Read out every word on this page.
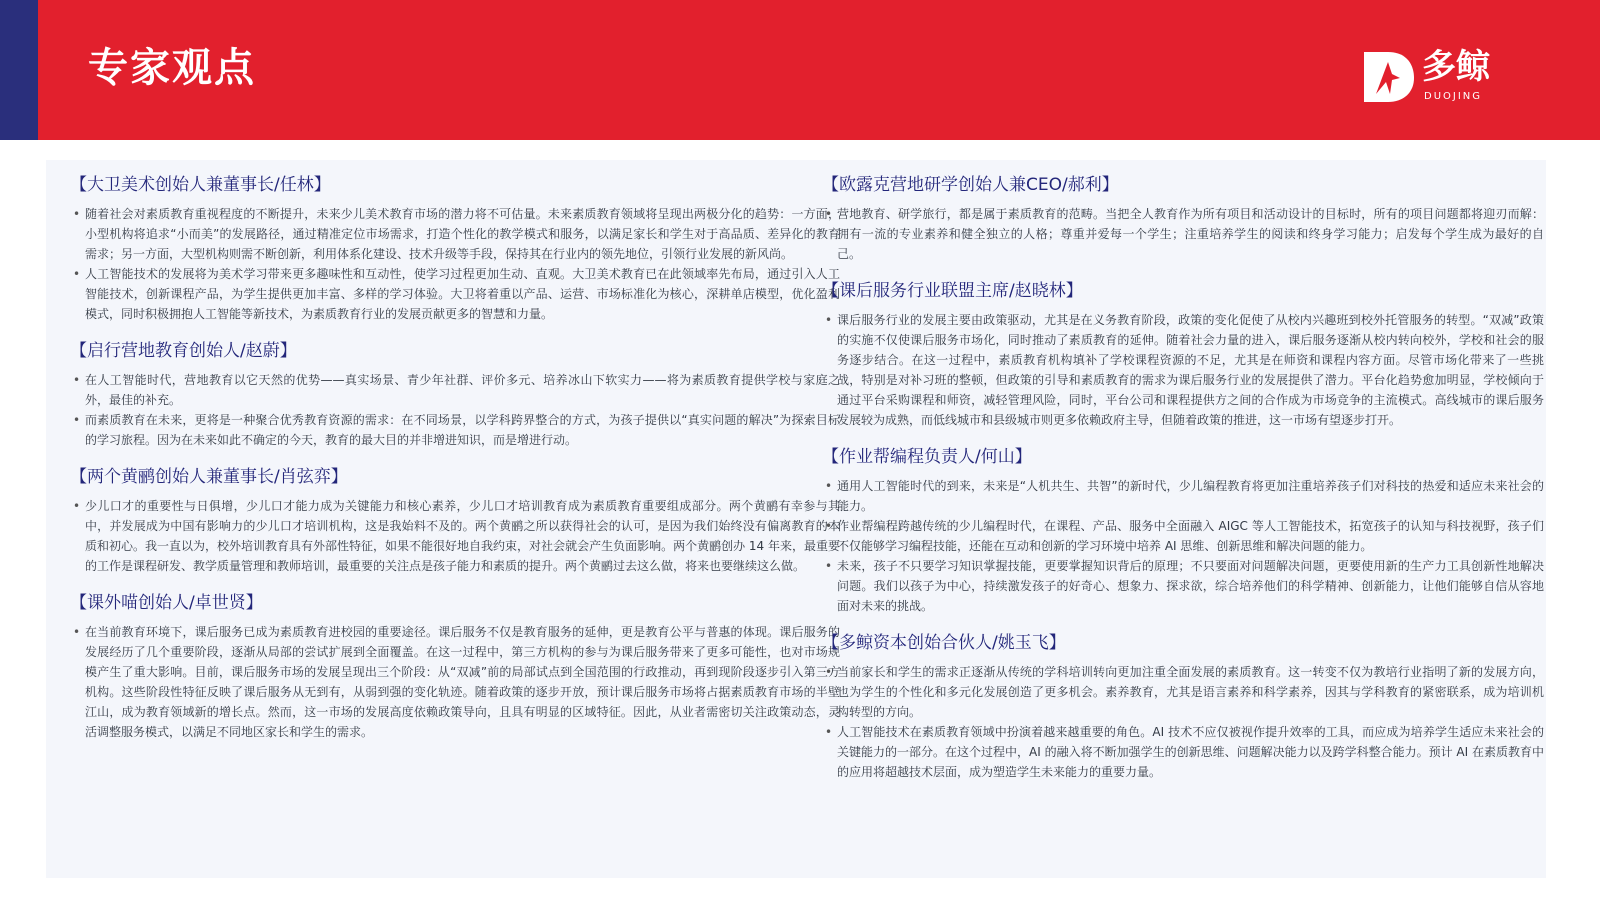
专家观点	多鲸
DUOJING
【大卫美术创始人兼董事长/任林】
• 随着社会对素质教育重视程度的不断提升，未来少儿美术教育市场的潜力将不可估量。未来素质教育领域将呈现出两极分化的趋势：一方面，小型机构将追求“小而美”的发展路径，通过精准定位市场需求，打造个性化的教学模式和服务，以满足家长和学生对于高品质、差异化的教育需求；另一方面，大型机构则需不断创新，利用体系化建设、技术升级等手段，保持其在行业内的领先地位，引领行业发展的新风尚。
• 人工智能技术的发展将为美术学习带来更多趣味性和互动性，使学习过程更加生动、直观。大卫美术教育已在此领域率先布局，通过引入人工智能技术，创新课程产品，为学生提供更加丰富、多样的学习体验。大卫将着重以产品、运营、市场标准化为核心，深耕单店模型，优化盈利模式，同时积极拥抱人工智能等新技术，为素质教育行业的发展贡献更多的智慧和力量。
【启行营地教育创始人/赵蔚】
• 在人工智能时代，营地教育以它天然的优势——真实场景、青少年社群、评价多元、培养冰山下软实力——将为素质教育提供学校与家庭之外，最佳的补充。
• 而素质教育在未来，更将是一种聚合优秀教育资源的需求：在不同场景，以学科跨界整合的方式，为孩子提供以“真实问题的解决”为探索目标的学习旅程。因为在未来如此不确定的今天，教育的最大目的并非增进知识，而是增进行动。
【两个黄鹂创始人兼董事长/肖弦弈】
• 少儿口才的重要性与日俱增，少儿口才能力成为关键能力和核心素养，少儿口才培训教育成为素质教育重要组成部分。两个黄鹂有幸参与其中，并发展成为中国有影响力的少儿口才培训机构，这是我始料不及的。两个黄鹂之所以获得社会的认可，是因为我们始终没有偏离教育的本质和初心。我一直以为，校外培训教育具有外部性特征，如果不能很好地自我约束，对社会就会产生负面影响。两个黄鹂创办 14 年来，最重要的工作是课程研发、教学质量管理和教师培训，最重要的关注点是孩子能力和素质的提升。两个黄鹂过去这么做，将来也要继续这么做。
【课外喵创始人/卓世贤】
• 在当前教育环境下，课后服务已成为素质教育进校园的重要途径。课后服务不仅是教育服务的延伸，更是教育公平与普惠的体现。课后服务的发展经历了几个重要阶段，逐渐从局部的尝试扩展到全面覆盖。在这一过程中，第三方机构的参与为课后服务带来了更多可能性，也对市场规模产生了重大影响。目前，课后服务市场的发展呈现出三个阶段：从“双减”前的局部试点到全国范围的行政推动，再到现阶段逐步引入第三方机构。这些阶段性特征反映了课后服务从无到有，从弱到强的变化轨迹。随着政策的逐步开放，预计课后服务市场将占据素质教育市场的半壁江山，成为教育领域新的增长点。然而，这一市场的发展高度依赖政策导向，且具有明显的区域特征。因此，从业者需密切关注政策动态，灵活调整服务模式，以满足不同地区家长和学生的需求。
【欧露克营地研学创始人兼CEO/郝利】
• 营地教育、研学旅行，都是属于素质教育的范畴。当把全人教育作为所有项目和活动设计的目标时，所有的项目问题都将迎刃而解：拥有一流的专业素养和健全独立的人格；尊重并爱每一个学生；注重培养学生的阅读和终身学习能力；启发每个学生成为最好的自己。
【课后服务行业联盟主席/赵晓林】
• 课后服务行业的发展主要由政策驱动，尤其是在义务教育阶段，政策的变化促使了从校内兴趣班到校外托管服务的转型。“双减”政策的实施不仅使课后服务市场化，同时推动了素质教育的延伸。随着社会力量的进入，课后服务逐渐从校内转向校外，学校和社会的服务逐步结合。在这一过程中，素质教育机构填补了学校课程资源的不足，尤其是在师资和课程内容方面。尽管市场化带来了一些挑战，特别是对补习班的整顿，但政策的引导和素质教育的需求为课后服务行业的发展提供了潜力。平台化趋势愈加明显，学校倾向于通过平台采购课程和师资，减轻管理风险，同时，平台公司和课程提供方之间的合作成为市场竞争的主流模式。高线城市的课后服务发展较为成熟，而低线城市和县级城市则更多依赖政府主导，但随着政策的推进，这一市场有望逐步打开。
【作业帮编程负责人/何山】
• 通用人工智能时代的到来，未来是“人机共生、共智”的新时代，少儿编程教育将更加注重培养孩子们对科技的热爱和适应未来社会的能力。
• 作业帮编程跨越传统的少儿编程时代，在课程、产品、服务中全面融入 AIGC 等人工智能技术，拓宽孩子的认知与科技视野，孩子们不仅能够学习编程技能，还能在互动和创新的学习环境中培养 AI 思维、创新思维和解决问题的能力。
• 未来，孩子不只要学习知识掌握技能，更要掌握知识背后的原理；不只要面对问题解决问题，更要使用新的生产力工具创新性地解决问题。我们以孩子为中心，持续激发孩子的好奇心、想象力、探求欲，综合培养他们的科学精神、创新能力，让他们能够自信从容地面对未来的挑战。
【多鲸资本创始合伙人/姚玉飞】
• 当前家长和学生的需求正逐渐从传统的学科培训转向更加注重全面发展的素质教育。这一转变不仅为教培行业指明了新的发展方向，也为学生的个性化和多元化发展创造了更多机会。素养教育，尤其是语言素养和科学素养，因其与学科教育的紧密联系，成为培训机构转型的方向。
• 人工智能技术在素质教育领域中扮演着越来越重要的角色。AI 技术不应仅被视作提升效率的工具，而应成为培养学生适应未来社会的关键能力的一部分。在这个过程中，AI 的融入将不断加强学生的创新思维、问题解决能力以及跨学科整合能力。预计 AI 在素质教育中的应用将超越技术层面，成为塑造学生未来能力的重要力量。
